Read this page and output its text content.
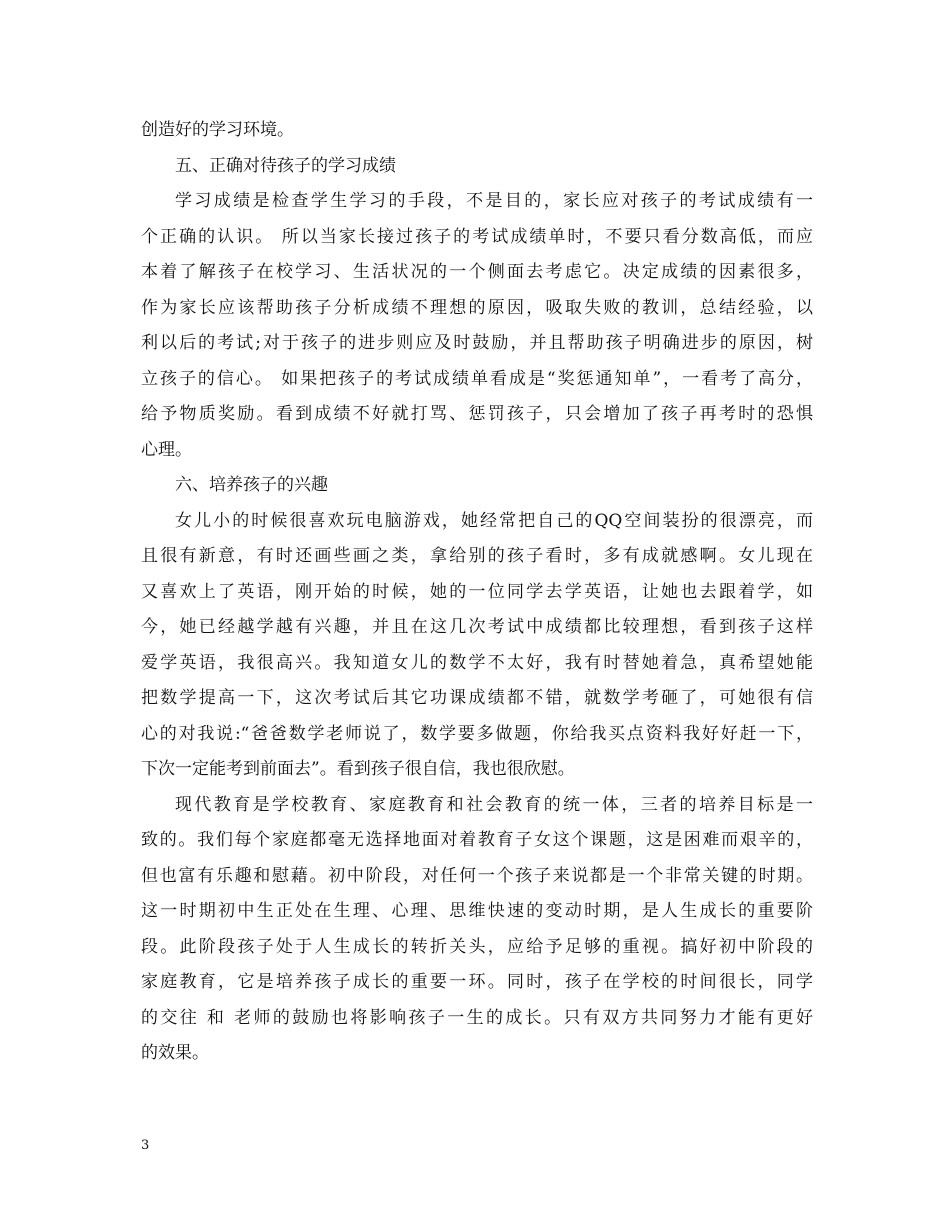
创造好的学习环境。
五、正确对待孩子的学习成绩
学习成绩是检查学生学习的手段，不是目的，家长应对孩子的考试成绩有一
个正确的认识。 所以当家长接过孩子的考试成绩单时，不要只看分数高低，而应
本着了解孩子在校学习、生活状况的一个侧面去考虑它。决定成绩的因素很多，
作为家长应该帮助孩子分析成绩不理想的原因，吸取失败的教训，总结经验，以
利以后的考试;对于孩子的进步则应及时鼓励，并且帮助孩子明确进步的原因，树
立孩子的信心。 如果把孩子的考试成绩单看成是“奖惩通知单”，一看考了高分，
给予物质奖励。看到成绩不好就打骂、惩罚孩子，只会增加了孩子再考时的恐惧
心理。
六、培养孩子的兴趣
女儿小的时候很喜欢玩电脑游戏，她经常把自己的QQ空间装扮的很漂亮，而
且很有新意，有时还画些画之类，拿给别的孩子看时，多有成就感啊。女儿现在
又喜欢上了英语，刚开始的时候，她的一位同学去学英语，让她也去跟着学，如
今，她已经越学越有兴趣，并且在这几次考试中成绩都比较理想，看到孩子这样
爱学英语，我很高兴。我知道女儿的数学不太好，我有时替她着急，真希望她能
把数学提高一下，这次考试后其它功课成绩都不错，就数学考砸了，可她很有信
心的对我说:“爸爸数学老师说了，数学要多做题，你给我买点资料我好好赶一下，
下次一定能考到前面去”。看到孩子很自信，我也很欣慰。
现代教育是学校教育、家庭教育和社会教育的统一体，三者的培养目标是一
致的。我们每个家庭都毫无选择地面对着教育子女这个课题，这是困难而艰辛的，
但也富有乐趣和慰藉。初中阶段，对任何一个孩子来说都是一个非常关键的时期。
这一时期初中生正处在生理、心理、思维快速的变动时期，是人生成长的重要阶
段。此阶段孩子处于人生成长的转折关头，应给予足够的重视。搞好初中阶段的
家庭教育，它是培养孩子成长的重要一环。同时，孩子在学校的时间很长，同学
的交往 和 老师的鼓励也将影响孩子一生的成长。只有双方共同努力才能有更好
的效果。
3
